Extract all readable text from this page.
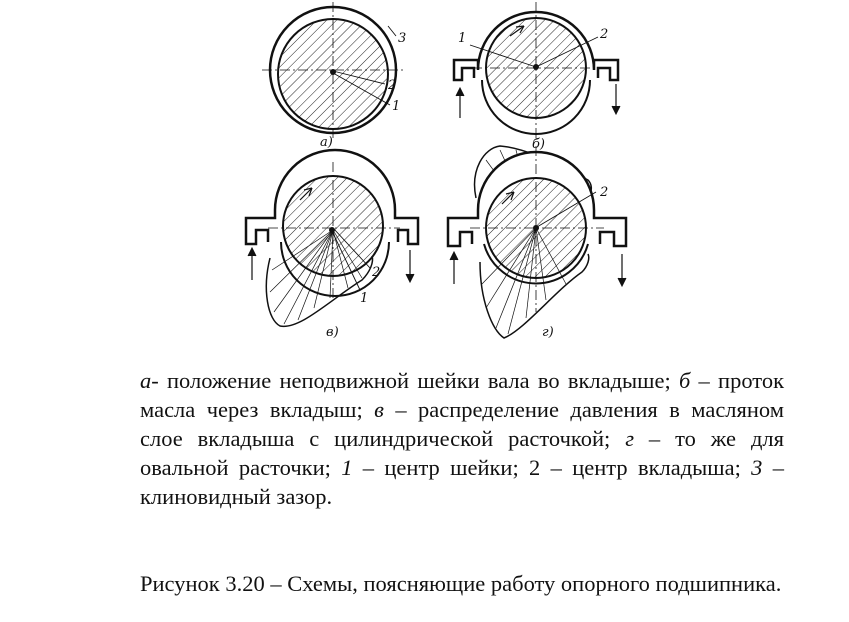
а)
1
2
3
б)
1	2
в)
1
2
г)
2

а- положение неподвижной шейки вала во вкладыше; б – проток масла через вкладыш; в – распределение давления в масляном слое вкладыша с цилиндрической расточкой; г – то же для овальной расточки; 1 – центр шейки; 2 – центр вкладыша; 3 – клиновидный зазор.

Рисунок 3.20 – Схемы, поясняющие работу опорного подшипника.
